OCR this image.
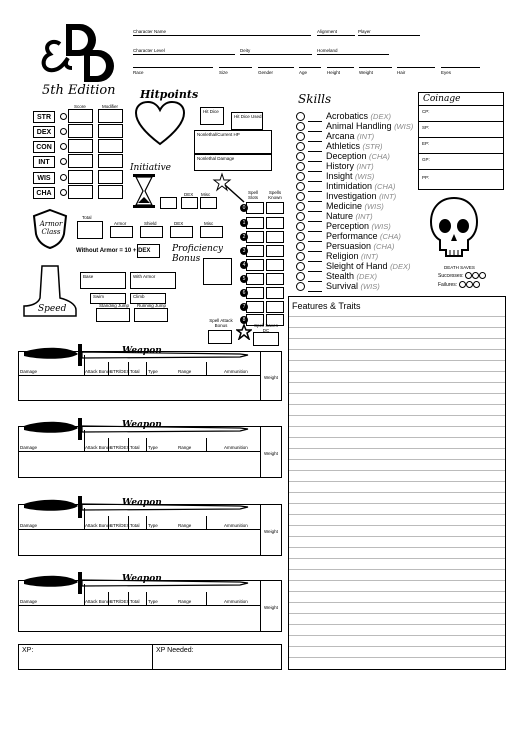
Character Name	Alignment	Player
Character Level	Deity	Homeland
Race	Size	Gender	Age	Height	Weight	Hair	Eyes
5th Edition
Score	Modifier
STR
DEX
CON
INT
WIS
CHA
Hitpoints
Hit Dice
Hit Dice Used
Nonlethal/Current HP
Nonlethal Damage
Initiative
DEX Misc
Armor Class
Total
Armor	Shield	DEX	Misc
Without Armor = 10 + DEX Proficiency Bonus
Speed
Base	With Armor
Swim	Climb
Standing Jump Running Jump
Spell Slots
Spells Known
0
1
2
3
4
5
6
7
8
Spell Attack Bonus	Spell Saves DC
Skills
Acrobatics (DEX)
Animal Handling (WIS)
Arcana (INT)
Athletics (STR)
Deception (CHA)
History (INT)
Insight (WIS)
Intimidation (CHA)
Investigation (INT)
Medicine (WIS)
Nature (INT)
Perception (WIS)
Performance (CHA)
Persuasion (CHA)
Religion (INT)
Sleight of Hand (DEX)
Stealth (DEX)
Survival (WIS)
Coinage
CP:
SP:
EP:
GP:
PP:
DEATH SAVES
Successes:
Failures:
Features & Traits
Weapon
Damage	Attack Bonus
STR/DEX Total Type	Range	Ammunition
Weight
Weapon
Damage	Attack Bonus
STR/DEX Total Type	Range	Ammunition
Weight
Weapon
Damage	Attack Bonus
STR/DEX Total Type	Range	Ammunition
Weight
Weapon
Damage	Attack Bonus
STR/DEX Total Type	Range	Ammunition
Weight
XP:	XP Needed:
